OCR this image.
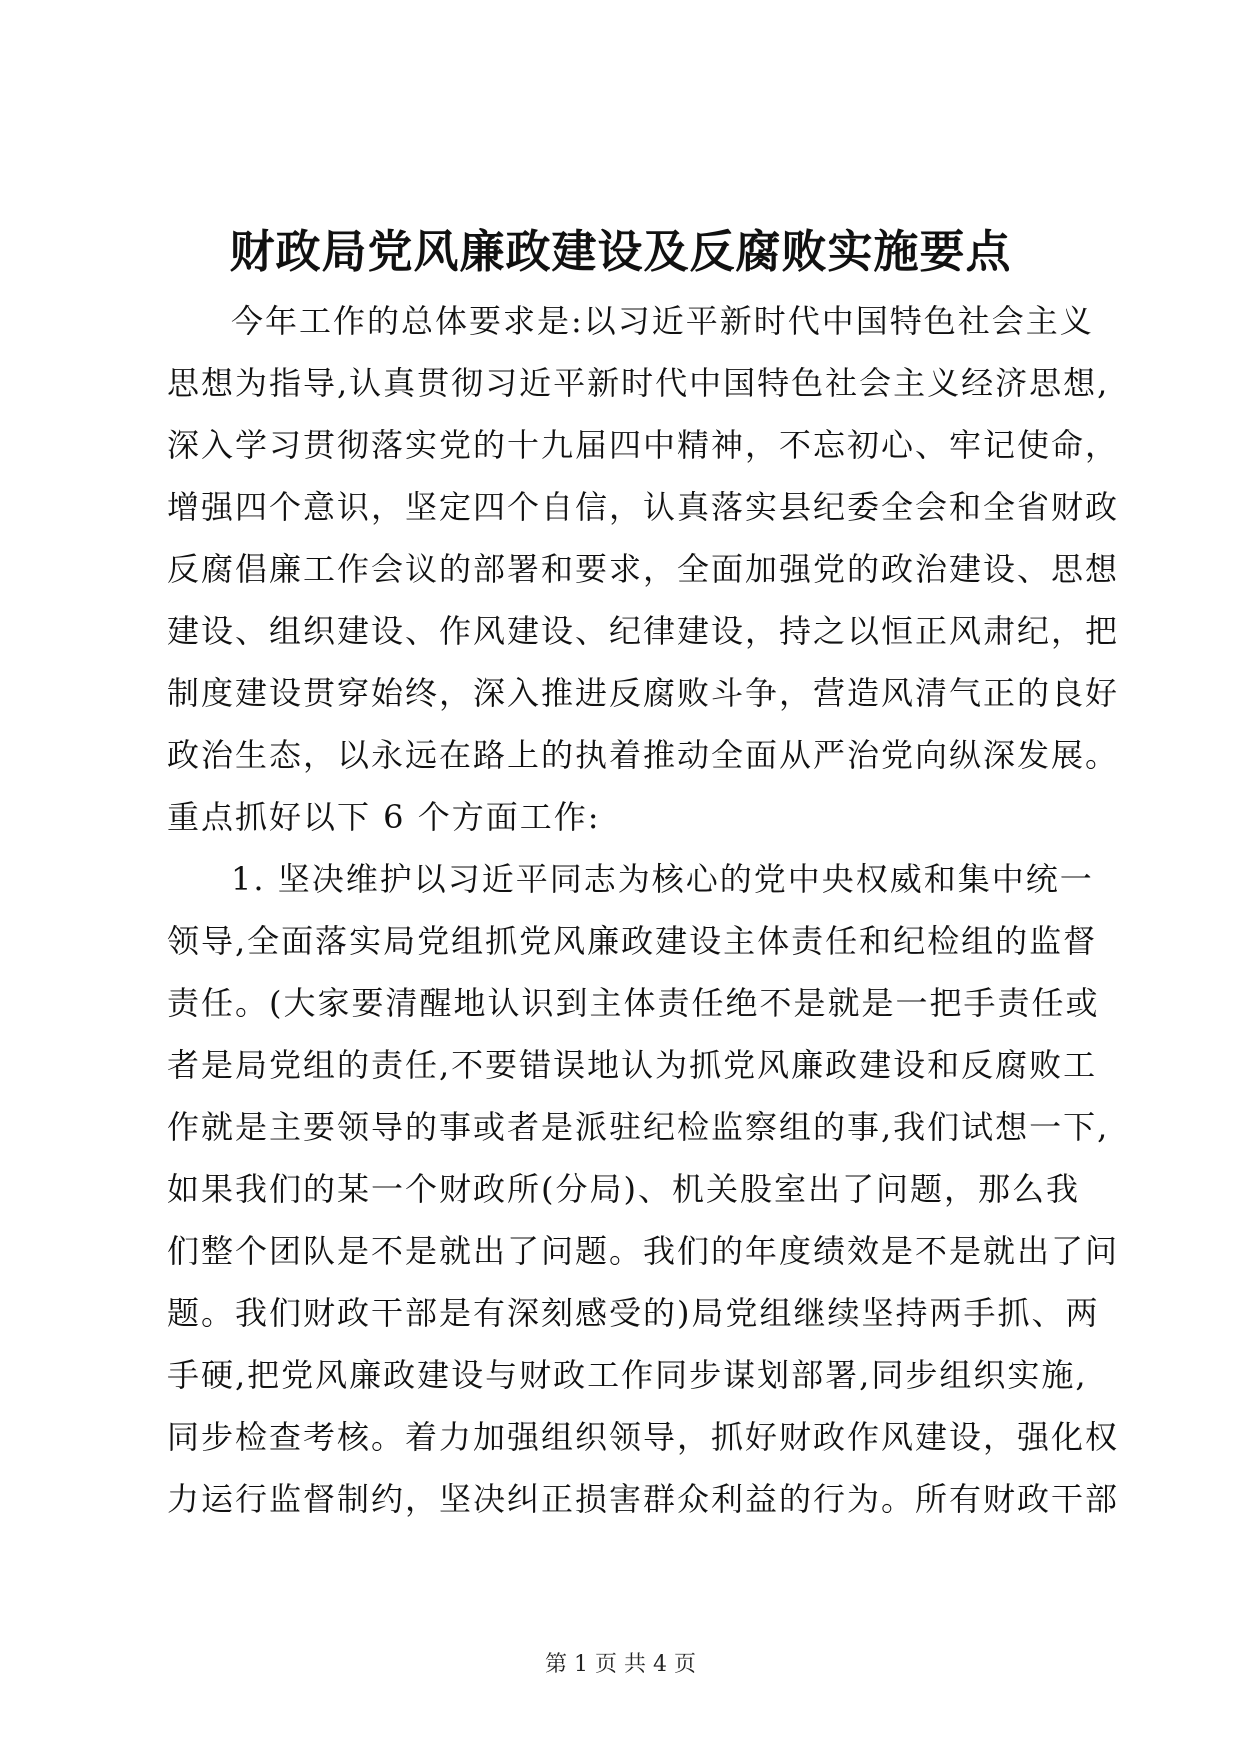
财政局党风廉政建设及反腐败实施要点
今年工作的总体要求是:以习近平新时代中国特色社会主义
思想为指导,认真贯彻习近平新时代中国特色社会主义经济思想,
深入学习贯彻落实党的十九届四中精神，不忘初心、牢记使命，
增强四个意识，坚定四个自信，认真落实县纪委全会和全省财政
反腐倡廉工作会议的部署和要求，全面加强党的政治建设、思想
建设、组织建设、作风建设、纪律建设，持之以恒正风肃纪，把
制度建设贯穿始终，深入推进反腐败斗争，营造风清气正的良好
政治生态，以永远在路上的执着推动全面从严治党向纵深发展。
重点抓好以下 6 个方面工作:
1. 坚决维护以习近平同志为核心的党中央权威和集中统一
领导,全面落实局党组抓党风廉政建设主体责任和纪检组的监督
责任。(大家要清醒地认识到主体责任绝不是就是一把手责任或
者是局党组的责任,不要错误地认为抓党风廉政建设和反腐败工
作就是主要领导的事或者是派驻纪检监察组的事,我们试想一下,
如果我们的某一个财政所(分局)、机关股室出了问题，那么我
们整个团队是不是就出了问题。我们的年度绩效是不是就出了问
题。我们财政干部是有深刻感受的)局党组继续坚持两手抓、两
手硬,把党风廉政建设与财政工作同步谋划部署,同步组织实施,
同步检查考核。着力加强组织领导，抓好财政作风建设，强化权
力运行监督制约，坚决纠正损害群众利益的行为。所有财政干部
第 1 页 共 4 页
